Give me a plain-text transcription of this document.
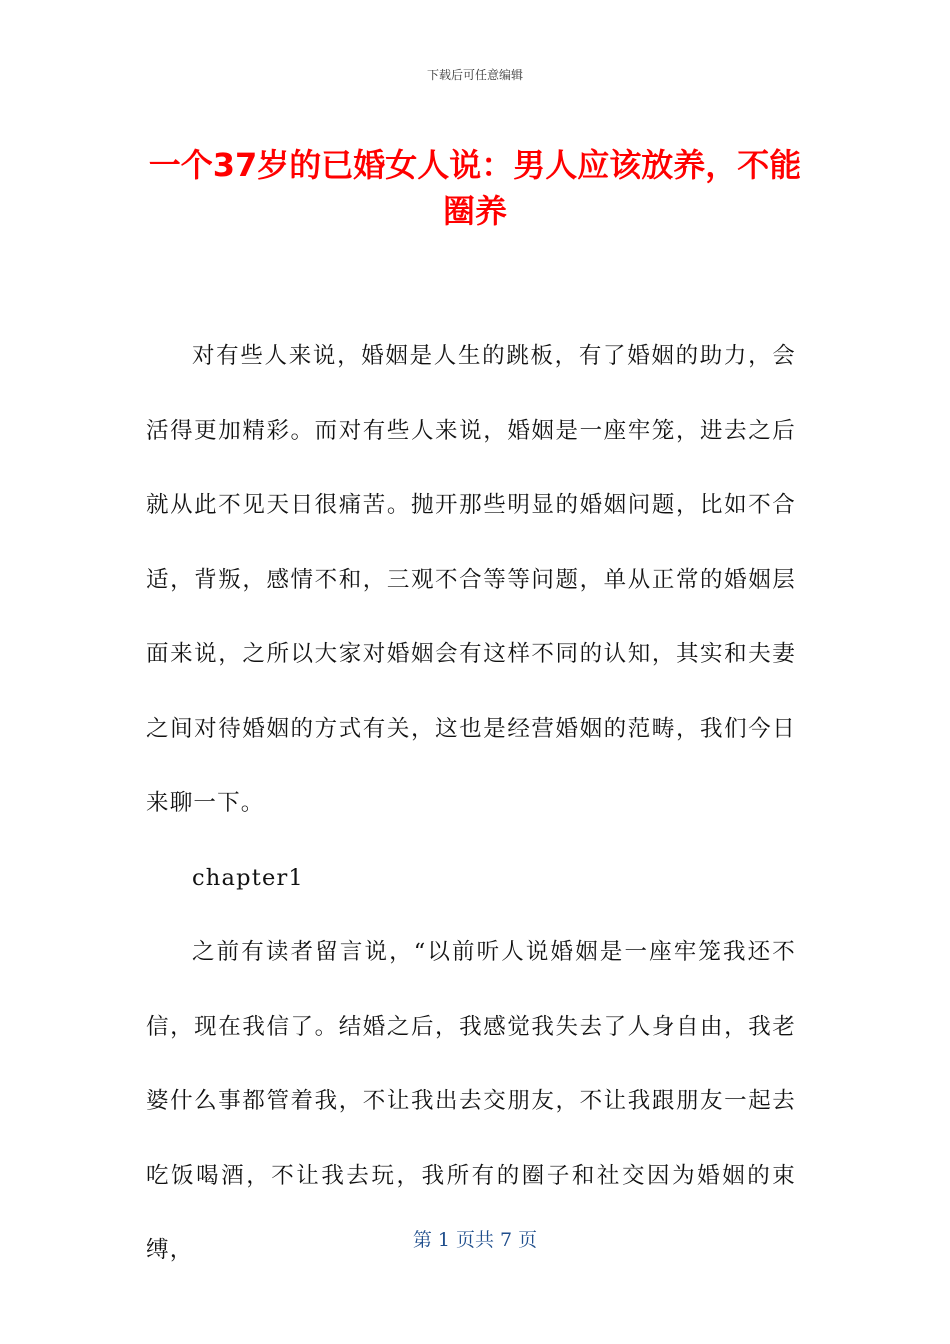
下载后可任意编辑
一个37岁的已婚女人说：男人应该放养，不能圈养

对有些人来说，婚姻是人生的跳板，有了婚姻的助力，会活得更加精彩。而对有些人来说，婚姻是一座牢笼，进去之后就从此不见天日很痛苦。抛开那些明显的婚姻问题，比如不合适，背叛，感情不和，三观不合等等问题，单从正常的婚姻层面来说，之所以大家对婚姻会有这样不同的认知，其实和夫妻之间对待婚姻的方式有关，这也是经营婚姻的范畴，我们今日来聊一下。

chapter1

之前有读者留言说，“以前听人说婚姻是一座牢笼我还不信，现在我信了。结婚之后，我感觉我失去了人身自由，我老婆什么事都管着我，不让我出去交朋友，不让我跟朋友一起去吃饭喝酒，不让我去玩，我所有的圈子和社交因为婚姻的束缚，	第 1 页共 7 页
